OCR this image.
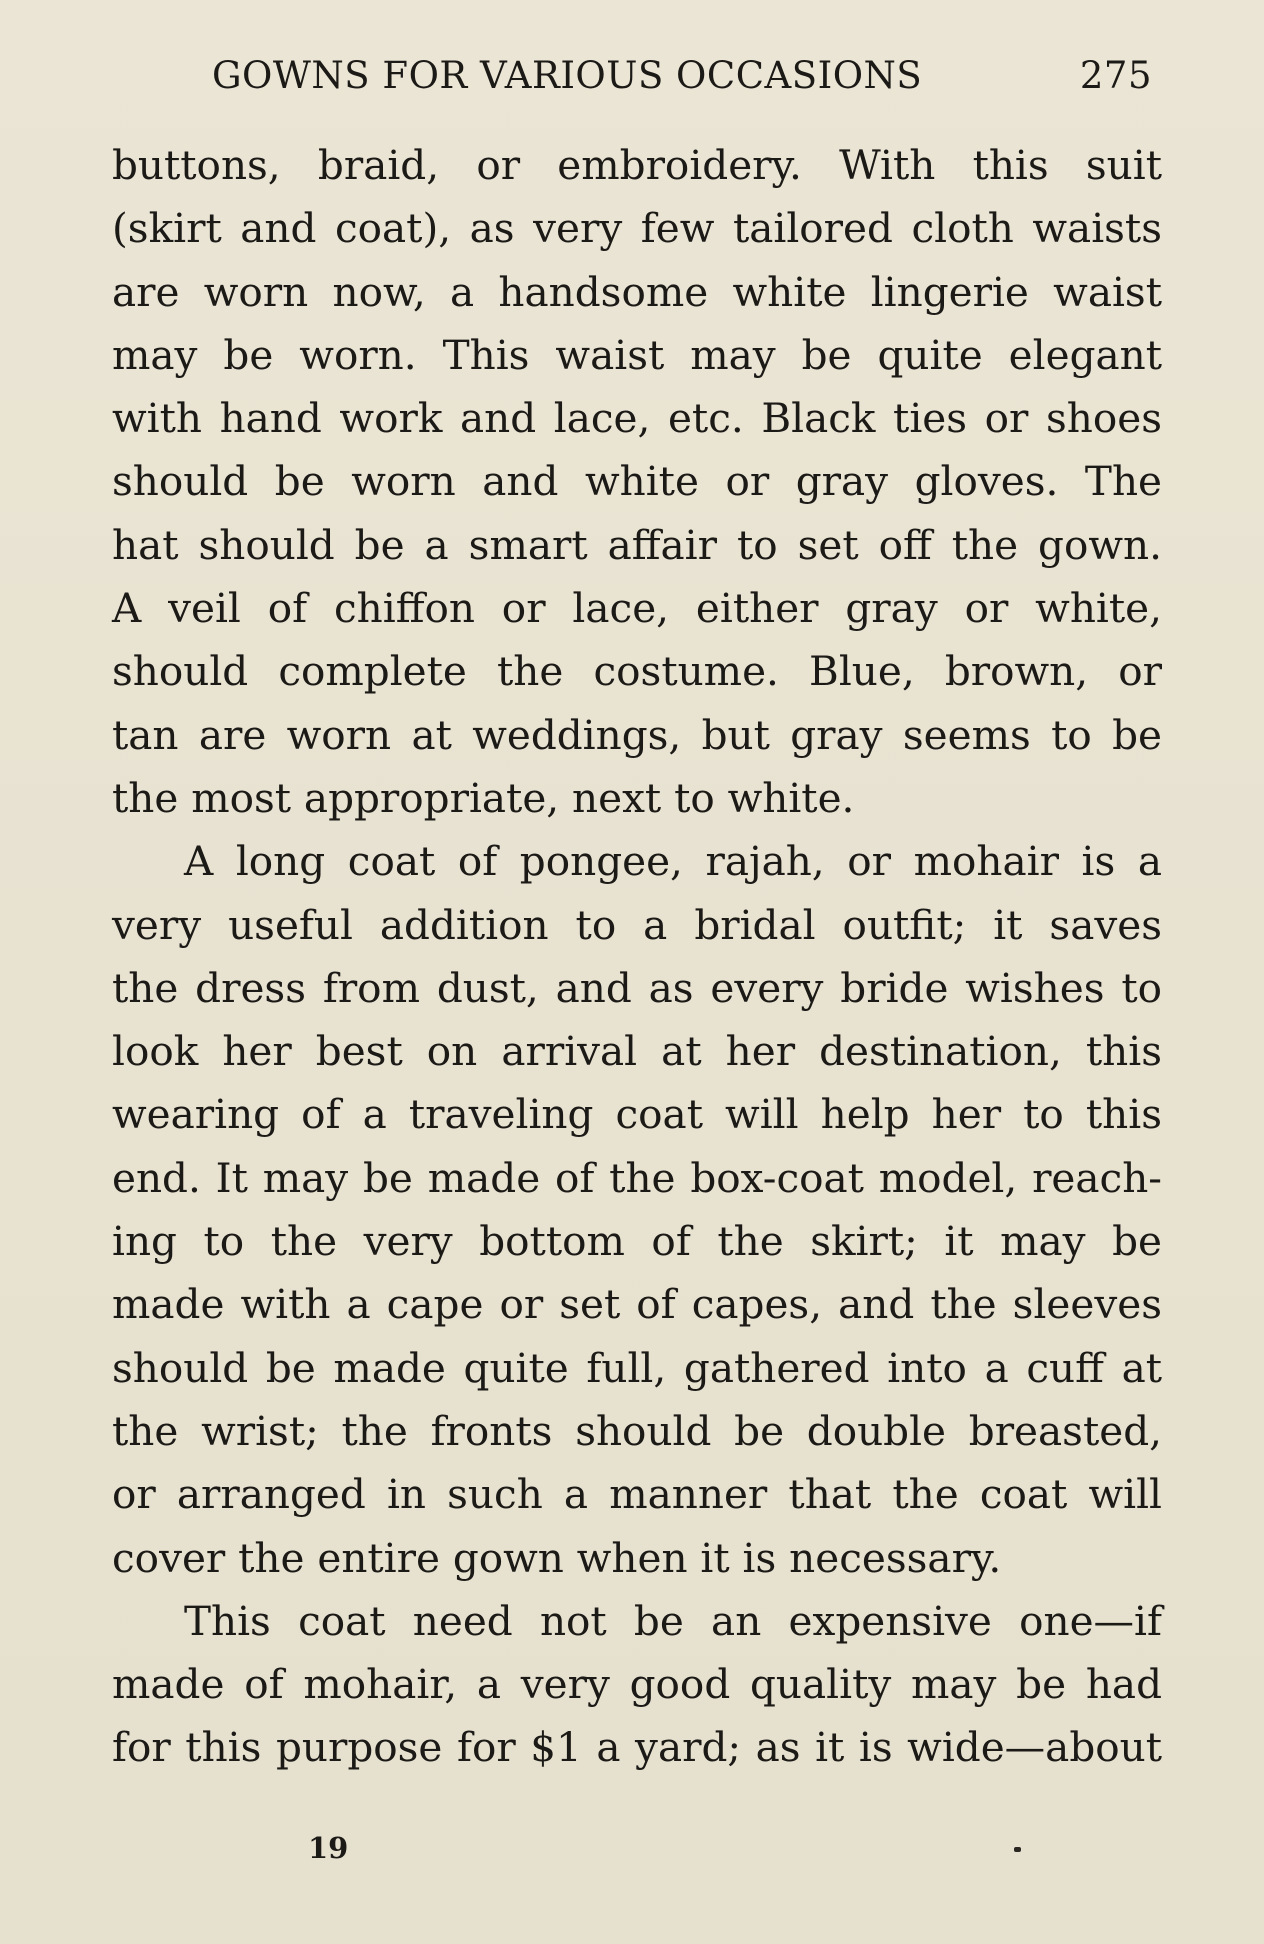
GOWNS FOR VARIOUS OCCASIONS	275
buttons, braid, or embroidery. With this suit
(skirt and coat), as very few tailored cloth waists
are worn now, a handsome white lingerie waist
may be worn. This waist may be quite elegant
with hand work and lace, etc. Black ties or shoes
should be worn and white or gray gloves. The
hat should be a smart affair to set off the gown.
A veil of chiffon or lace, either gray or white,
should complete the costume. Blue, brown, or
tan are worn at weddings, but gray seems to be
the most appropriate, next to white.
A long coat of pongee, rajah, or mohair is a
very useful addition to a bridal outfit; it saves
the dress from dust, and as every bride wishes to
look her best on arrival at her destination, this
wearing of a traveling coat will help her to this
end. It may be made of the box-coat model, reach-
ing to the very bottom of the skirt; it may be
made with a cape or set of capes, and the sleeves
should be made quite full, gathered into a cuff at
the wrist; the fronts should be double breasted,
or arranged in such a manner that the coat will
cover the entire gown when it is necessary.
This coat need not be an expensive one—if
made of mohair, a very good quality may be had
for this purpose for $1 a yard; as it is wide—about
19
